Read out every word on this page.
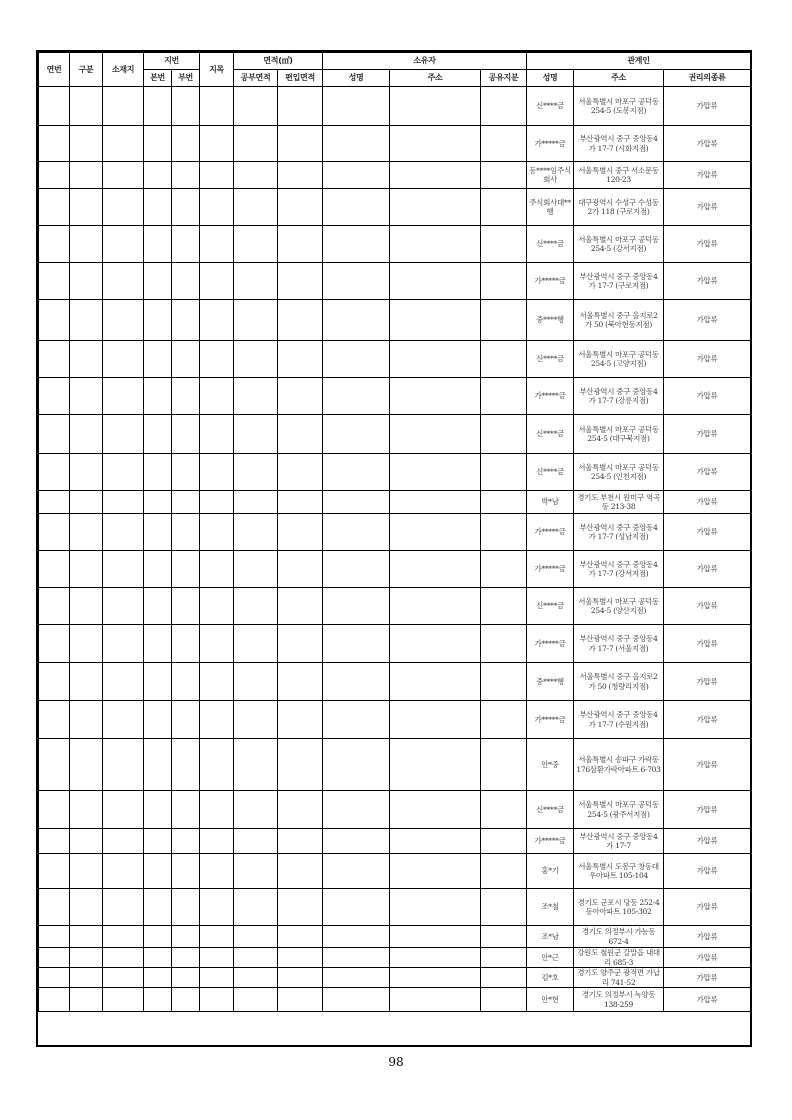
연번	구분	소재지	지번		지목	면적(㎡)		소유자			관계인		
			본번	부번		공부면적	편입면적	성명	주소	공유지분	성명	주소	권리의종류
											신****금	서울특별시 마포구 공덕동 254-5 (도봉지점)	가압류
											가*****금	부산광역시 중구 중앙동4가 17-7 (시화지점)	가압류
											동****임주식회사	서울특별시 중구 서소문동 120-23	가압류
											주식회사대**행	대구광역시 수성구 수성동2가 118 (구로지점)	가압류
											신****금	서울특별시 마포구 공덕동 254-5 (강서지점)	가압류
											가*****금	부산광역시 중구 중앙동4가 17-7 (구로지점)	가압류
											중****행	서울특별시 중구 을지로2가 50 (북아현동지점)	가압류
											신****금	서울특별시 마포구 공덕동 254-5 (고양지점)	가압류
											가*****금	부산광역시 중구 중앙동4가 17-7 (강릉지점)	가압류
											신****금	서울특별시 마포구 공덕동 254-5 (대구북지점)	가압류
											신****금	서울특별시 마포구 공덕동 254-5 (인천지점)	가압류
											박*남	경기도 부천시 원미구 역곡동 213-38	가압류
											가*****금	부산광역시 중구 중앙동4가 17-7 (성남지점)	가압류
											가*****금	부산광역시 중구 중앙동4가 17-7 (강서지점)	가압류
											신****금	서울특별시 마포구 공덕동 254-5 (양산지점)	가압류
											가*****금	부산광역시 중구 중앙동4가 17-7 (서울지점)	가압류
											중****행	서울특별시 중구 을지로2가 50 (청량리지점)	가압류
											가*****금	부산광역시 중구 중앙동4가 17-7 (수원지점)	가압류
											안*중	서울특별시 송파구 가락동 176삼환가락아파트 6-703	가압류
											신****금	서울특별시 마포구 공덕동 254-5 (광주서지점)	가압류
											가*****금	부산광역시 중구 중앙동4가 17-7	가압류
											홍*기	서울특별시 도봉구 창동대우아파트 105-104	가압류
											조*철	경기도 군포시 당동 252-4동아아파트 105-302	가압류
											조*남	경기도 의정부시 가능동 672-4	가압류
											안*근	강원도 철원군 갈말읍 내대리 685-3	가압류
											김*호	경기도 양주군 광적면 가납리 741-52	가압류
											안*현	경기도 의정부시 녹양동 138-259	가압류
98
